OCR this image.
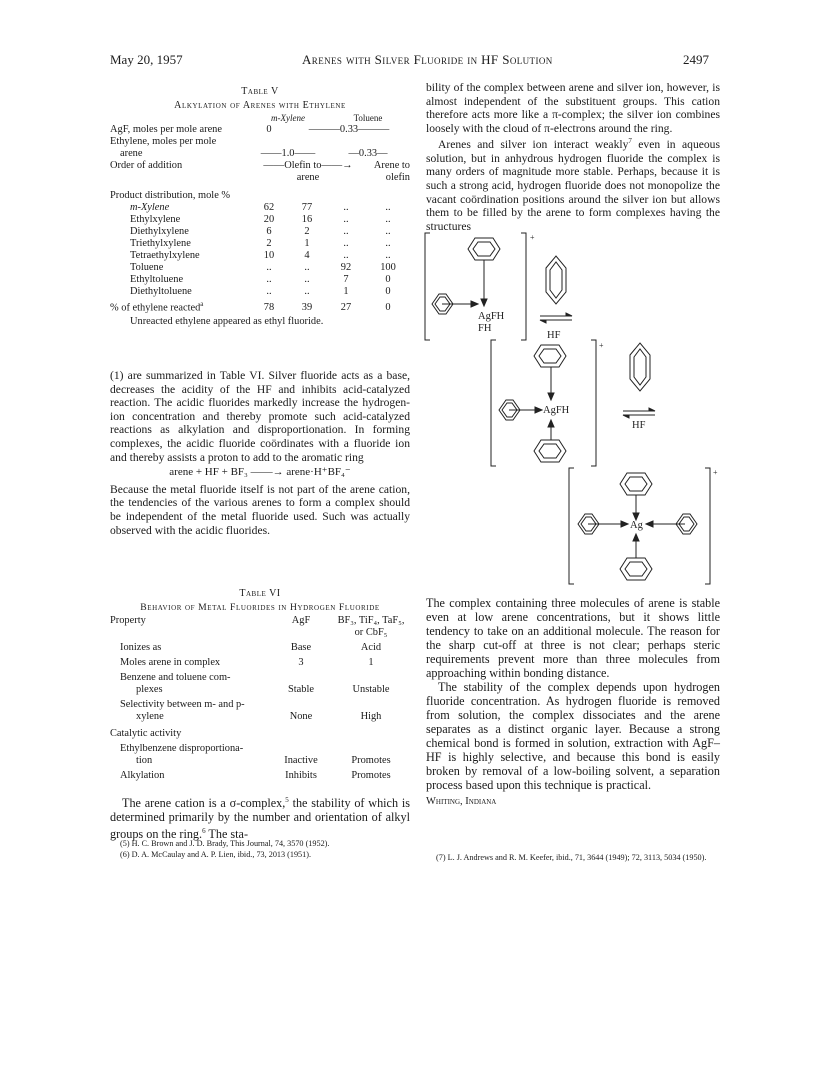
May 20, 1957	Arenes with Silver Fluoride in HF Solution	2497
Table V
Alkylation of Arenes with Ethylene
	m-Xylene		Toluene	
AgF, moles per mole arene	0	———0.33———		
Ethylene, moles per mole				
arene	——1.0——		—0.33—	
Order of addition	——Olefin to——→			Arene to
	arene			olefin
Product distribution, mole %				
m-Xylene	62	77	..	..
Ethylxylene	20	16	..	..
Diethylxylene	6	2	..	..
Triethylxylene	2	1	..	..
Tetraethylxylene	10	4	..	..
Toluene	..	..	92	100
Ethyltoluene	..	..	7	0
Diethyltoluene	..	..	1	0
% of ethylene reacted$^a$	78	39	27	0
Unreacted ethylene appeared as ethyl fluoride.

(1) are summarized in Table VI. Silver fluoride acts as a base, decreases the acidity of the HF and inhibits acid-catalyzed reaction. The acidic fluorides markedly increase the hydrogen-ion concentration and thereby promote such acid-catalyzed reactions as alkylation and disproportionation. In forming complexes, the acidic fluoride coördinates with a fluoride ion and thereby assists a proton to add to the aromatic ring

arene + HF + BF₃ ——→ arene·H⁺BF₄⁻

Because the metal fluoride itself is not part of the arene cation, the tendencies of the various arenes to form a complex should be independent of the metal fluoride used. Such was actually observed with the acidic fluorides.

Table VI
Behavior of Metal Fluorides in Hydrogen Fluoride
Property	AgF	BF₃, TiF₄, TaF₅,
		or CbF₅
Ionizes as	Base	Acid
Moles arene in complex	3	1
Benzene and toluene com-		
plexes	Stable	Unstable
Selectivity between m- and p-		
xylene	None	High
Catalytic activity		
Ethylbenzene disproportiona-		
tion	Inactive	Promotes
Alkylation	Inhibits	Promotes

The arene cation is a σ-complex,$^5$ the stability of which is determined primarily by the number and orientation of alkyl groups on the ring.$^6$ The sta-

(5) H. C. Brown and J. D. Brady, This Journal, 74, 3570 (1952).
(6) D. A. McCaulay and A. P. Lien, ibid., 73, 2013 (1951).

bility of the complex between arene and silver ion, however, is almost independent of the substituent groups. This cation therefore acts more like a π-complex; the silver ion combines loosely with the cloud of π-electrons around the ring.

Arenes and silver ion interact weakly$^7$ even in aqueous solution, but in anhydrous hydrogen fluoride the complex is many orders of magnitude more stable. Perhaps, because it is such a strong acid, hydrogen fluoride does not monopolize the vacant coördination positions around the silver ion but allows them to be filled by the arene to form complexes having the structures

+
AgFH
FH
HF
+
AgFH
HF
+
Ag

The complex containing three molecules of arene is stable even at low arene concentrations, but it shows little tendency to take on an additional molecule. The reason for the sharp cut-off at three is not clear; perhaps steric requirements prevent more than three molecules from approaching within bonding distance.

The stability of the complex depends upon hydrogen fluoride concentration. As hydrogen fluoride is removed from solution, the complex dissociates and the arene separates as a distinct organic layer. Because a strong chemical bond is formed in solution, extraction with AgF–HF is highly selective, and because this bond is easily broken by removal of a low-boiling solvent, a separation process based upon this technique is practical.

Whiting, Indiana

(7) L. J. Andrews and R. M. Keefer, ibid., 71, 3644 (1949); 72, 3113, 5034 (1950).
